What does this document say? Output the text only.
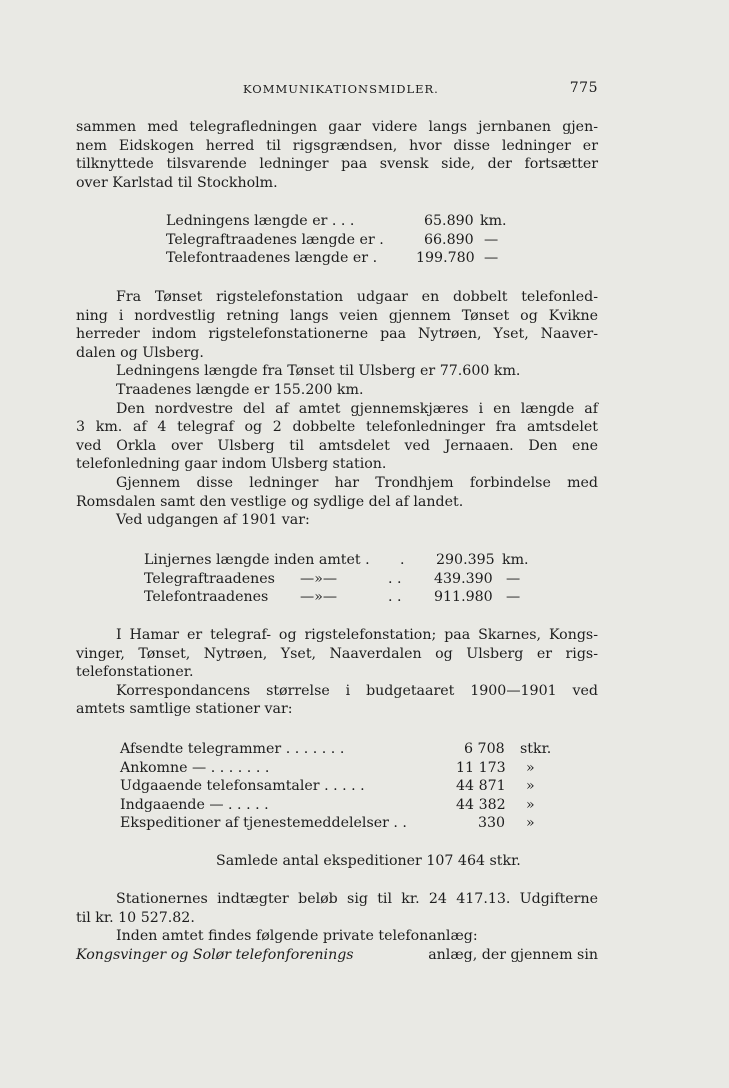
KOMMUNIKATIONSMIDLER.	775
sammen med telegrafledningen gaar videre langs jernbanen gjen-
nem Eidskogen herred til rigsgrændsen, hvor disse ledninger er
tilknyttede tilsvarende ledninger paa svensk side, der fortsætter
over Karlstad til Stockholm.
Ledningens længde er . . .	65.890 km.
Telegraftraadenes længde er .	66.890 —
Telefontraadenes længde er .	199.780 —
Fra Tønset rigstelefonstation udgaar en dobbelt telefonled-
ning i nordvestlig retning langs veien gjennem Tønset og Kvikne
herreder indom rigstelefonstationerne paa Nytrøen, Yset, Naaver-
dalen og Ulsberg.
Ledningens længde fra Tønset til Ulsberg er 77.600 km.
Traadenes længde er 155.200 km.
Den nordvestre del af amtet gjennemskjæres i en længde af
3 km. af 4 telegraf og 2 dobbelte telefonledninger fra amtsdelet
ved Orkla over Ulsberg til amtsdelet ved Jernaaen. Den ene
telefonledning gaar indom Ulsberg station.
Gjennem disse ledninger har Trondhjem forbindelse med
Romsdalen samt den vestlige og sydlige del af landet.
Ved udgangen af 1901 var:
Linjernes længde inden amtet . . 290.395 km.
Telegraftraadenes —»—	. . 439.390 —
Telefontraadenes —»—	. . 911.980 —
I Hamar er telegraf- og rigstelefonstation; paa Skarnes, Kongs-
vinger, Tønset, Nytrøen, Yset, Naaverdalen og Ulsberg er rigs-
telefonstationer.
Korrespondancens størrelse i budgetaaret 1900—1901 ved
amtets samtlige stationer var:
Afsendte telegrammer . . . . . . .	6 708 stkr.
Ankomne — . . . . . . .	11 173 »
Udgaaende telefonsamtaler . . . . .	44 871 »
Indgaaende — . . . . .	44 382 »
Ekspeditioner af tjenestemeddelelser . .	330 »
Samlede antal ekspeditioner 107 464 stkr.
Stationernes indtægter beløb sig til kr. 24 417.13. Udgifterne
til kr. 10 527.82.
Inden amtet findes følgende private telefonanlæg:
Kongsvinger og Solør telefonforenings	anlæg, der gjennem sin
